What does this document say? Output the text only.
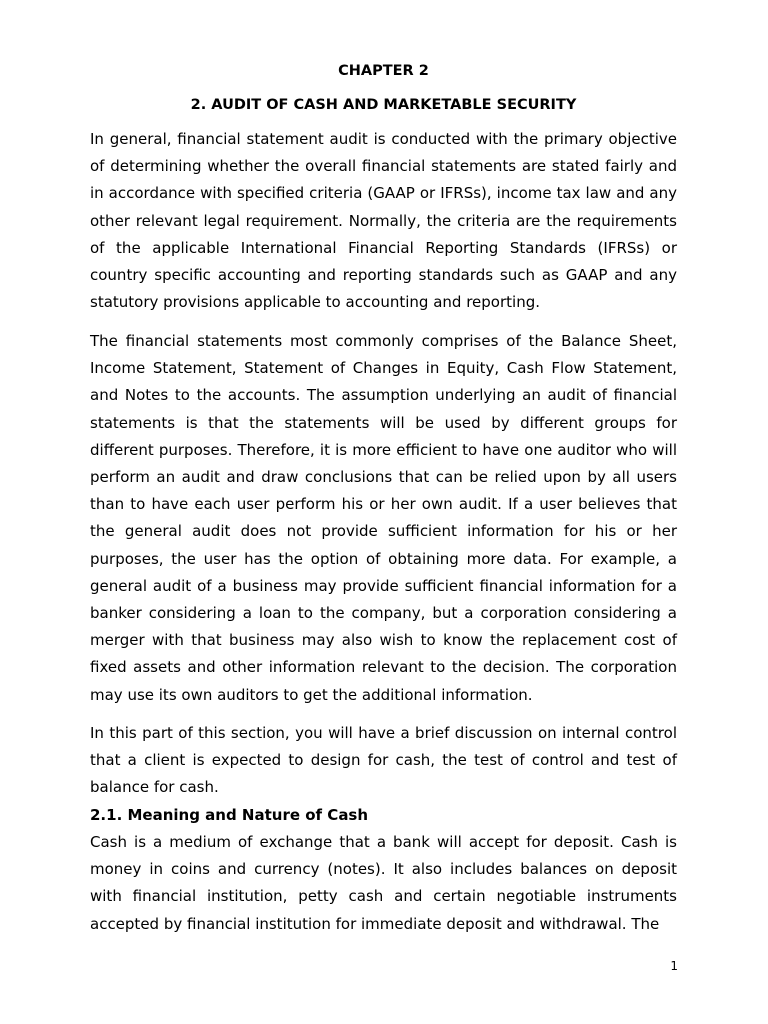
CHAPTER 2
2. AUDIT OF CASH AND MARKETABLE SECURITY

In general, financial statement audit is conducted with the primary objective of determining whether the overall financial statements are stated fairly and in accordance with specified criteria (GAAP or IFRSs), income tax law and any other relevant legal requirement. Normally, the criteria are the requirements of the applicable International Financial Reporting Standards (IFRSs) or country specific accounting and reporting standards such as GAAP and any statutory provisions applicable to accounting and reporting.

The financial statements most commonly comprises of the Balance Sheet, Income Statement, Statement of Changes in Equity, Cash Flow Statement, and Notes to the accounts. The assumption underlying an audit of financial statements is that the statements will be used by different groups for different purposes. Therefore, it is more efficient to have one auditor who will perform an audit and draw conclusions that can be relied upon by all users than to have each user perform his or her own audit. If a user believes that the general audit does not provide sufficient information for his or her purposes, the user has the option of obtaining more data. For example, a general audit of a business may provide sufficient financial information for a banker considering a loan to the company, but a corporation considering a merger with that business may also wish to know the replacement cost of fixed assets and other information relevant to the decision. The corporation may use its own auditors to get the additional information.

In this part of this section, you will have a brief discussion on internal control that a client is expected to design for cash, the test of control and test of balance for cash.

2.1. Meaning and Nature of Cash

Cash is a medium of exchange that a bank will accept for deposit. Cash is money in coins and currency (notes). It also includes balances on deposit with financial institution, petty cash and certain negotiable instruments accepted by financial institution for immediate deposit and withdrawal. The

1
